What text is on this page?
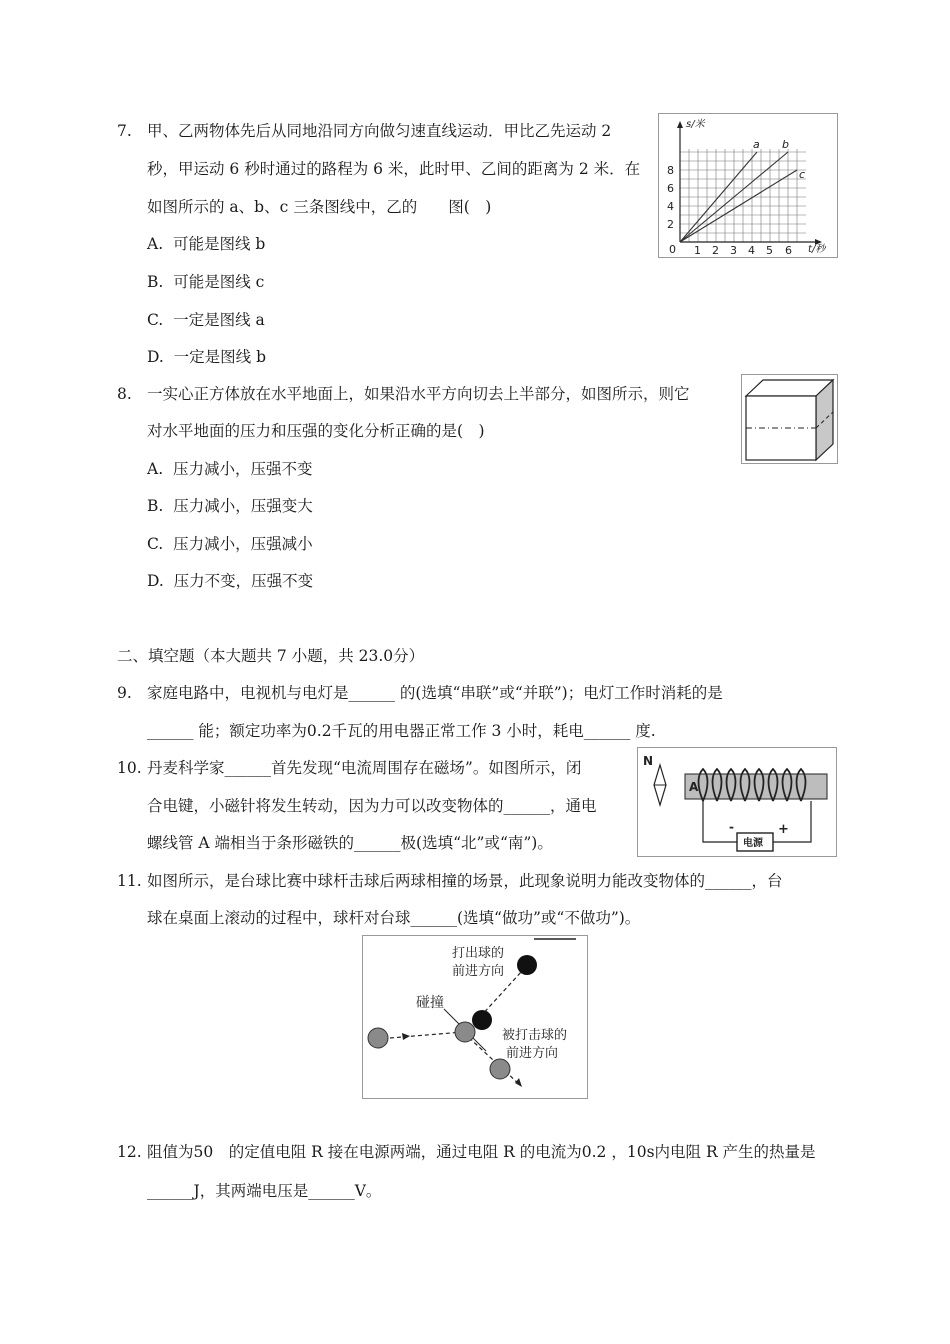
7. 甲、乙两物体先后从同地沿同方向做匀速直线运动．甲比乙先运动 2
秒，甲运动 6 秒时通过的路程为 6 米，此时甲、乙间的距离为 2 米．在
如图所示的 a、b、c 三条图线中，乙的　　图(　)
A. 可能是图线 b
B. 可能是图线 c
C. 一定是图线 a
D. 一定是图线 b
s/米
t/秒
0 1 2 3 4 5 6
2
4
6
8
a b
c
8. 一实心正方体放在水平地面上，如果沿水平方向切去上半部分，如图所示，则它
对水平地面的压力和压强的变化分析正确的是(　)
A. 压力减小，压强不变
B. 压力减小，压强变大
C. 压力减小，压强减小
D. 压力不变，压强不变
二、填空题（本大题共 7 小题，共 23.0分）
9. 家庭电路中，电视机与电灯是______ 的(选填“串联”或“并联”)；电灯工作时消耗的是
______ 能；额定功率为0.2千瓦的用电器正常工作 3 小时，耗电______ 度.
10. 丹麦科学家______首先发现“电流周围存在磁场”。如图所示，闭
合电键，小磁针将发生转动，因为力可以改变物体的______，通电
螺线管 A 端相当于条形磁铁的______极(选填“北”或“南”)。
N
A
电源
-	+
11. 如图所示，是台球比赛中球杆击球后两球相撞的场景，此现象说明力能改变物体的______，台
球在桌面上滚动的过程中，球杆对台球______(选填“做功”或“不做功”)。
打出球的
前进方向
碰撞
被打击球的
前进方向
12. 阻值为50　的定值电阻 R 接在电源两端，通过电阻 R 的电流为0.2 ，10s内电阻 R 产生的热量是
______J，其两端电压是______V。
